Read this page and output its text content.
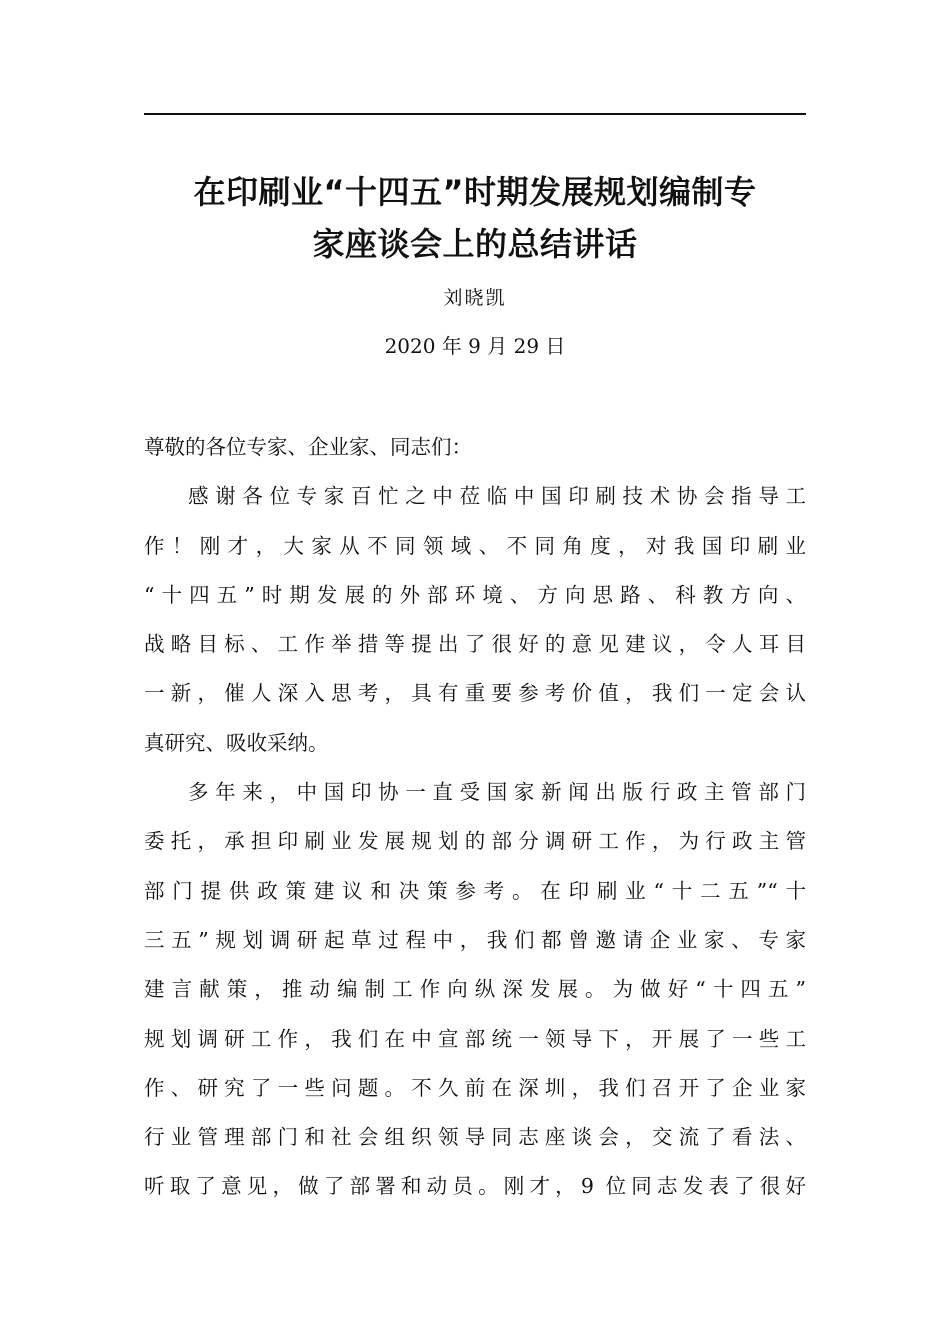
在印刷业“十四五”时期发展规划编制专
家座谈会上的总结讲话
刘晓凯
2020 年 9 月 29 日
尊敬的各位专家、企业家、同志们：
感谢各位专家百忙之中莅临中国印刷技术协会指导工
作！刚才，大家从不同领域、不同角度，对我国印刷业
“十四五”时期发展的外部环境、方向思路、科教方向、
战略目标、工作举措等提出了很好的意见建议，令人耳目
一新，催人深入思考，具有重要参考价值，我们一定会认
真研究、吸收采纳。
多年来，中国印协一直受国家新闻出版行政主管部门
委托，承担印刷业发展规划的部分调研工作，为行政主管
部门提供政策建议和决策参考。在印刷业“十二五”“十
三五”规划调研起草过程中，我们都曾邀请企业家、专家
建言献策，推动编制工作向纵深发展。为做好“十四五”
规划调研工作，我们在中宣部统一领导下，开展了一些工
作、研究了一些问题。不久前在深圳，我们召开了企业家
行业管理部门和社会组织领导同志座谈会，交流了看法、
听取了意见，做了部署和动员。刚才，9 位同志发表了很好
